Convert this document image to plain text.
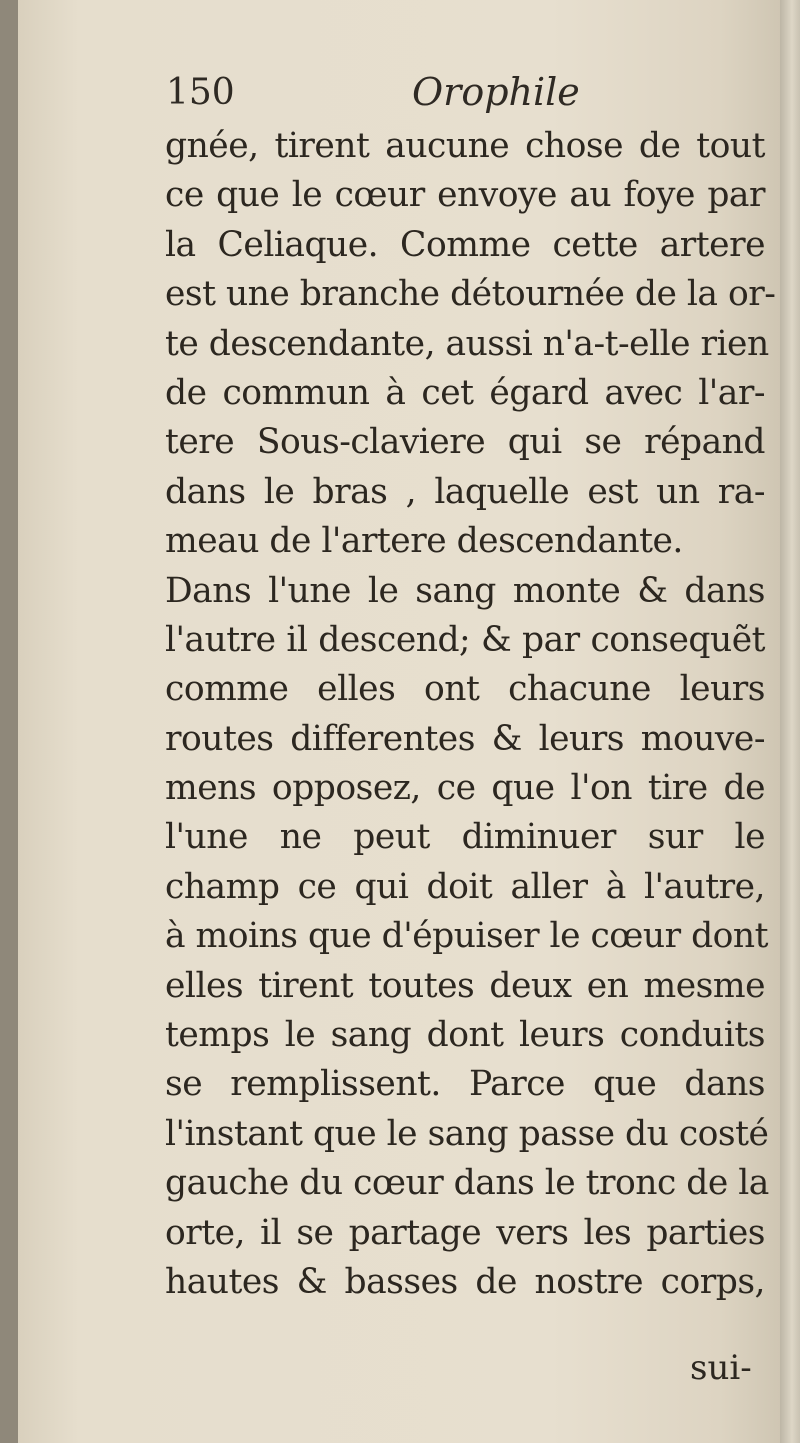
150	Orophile
gnée, tirent aucune chose de tout
ce que le cœur envoye au foye par
la Celiaque. Comme cette artere
est une branche détournée de la or-
te descendante, aussi n'a-t-elle rien
de commun à cet égard avec l'ar-
tere Sous-claviere qui se répand
dans le bras , laquelle est un ra-
meau de l'artere descendante.
Dans l'une le sang monte & dans
l'autre il descend; & par consequẽt
comme elles ont chacune leurs
routes differentes & leurs mouve-
mens opposez, ce que l'on tire de
l'une ne peut diminuer sur le
champ ce qui doit aller à l'autre,
à moins que d'épuiser le cœur dont
elles tirent toutes deux en mesme
temps le sang dont leurs conduits
se remplissent. Parce que dans
l'instant que le sang passe du costé
gauche du cœur dans le tronc de la
orte, il se partage vers les parties
hautes & basses de nostre corps,
sui-
